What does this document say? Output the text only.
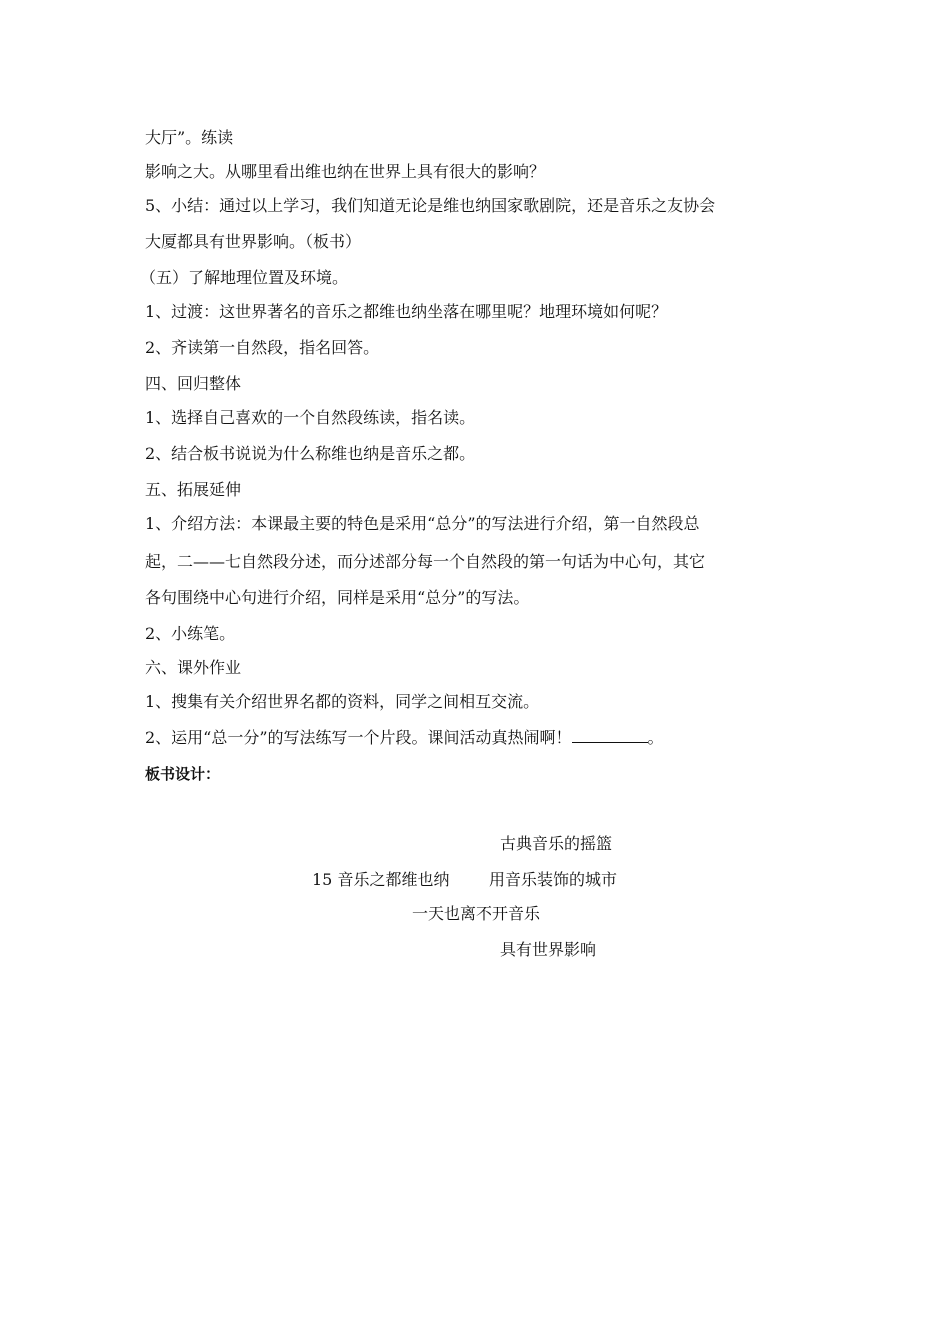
大厅”。练读
影响之大。从哪里看出维也纳在世界上具有很大的影响？
5、小结：通过以上学习，我们知道无论是维也纳国家歌剧院，还是音乐之友协会
大厦都具有世界影响。（板书）
（五）了解地理位置及环境。
1、过渡：这世界著名的音乐之都维也纳坐落在哪里呢？地理环境如何呢？
2、齐读第一自然段，指名回答。
四、回归整体
1、选择自己喜欢的一个自然段练读，指名读。
2、结合板书说说为什么称维也纳是音乐之都。
五、拓展延伸
1、介绍方法：本课最主要的特色是采用“总分”的写法进行介绍，第一自然段总
起，二——七自然段分述，而分述部分每一个自然段的第一句话为中心句，其它
各句围绕中心句进行介绍，同样是采用“总分”的写法。
2、小练笔。
六、课外作业
1、搜集有关介绍世界名都的资料，同学之间相互交流。
2、运用“总一分”的写法练写一个片段。课间活动真热闹啊！	。
板书设计：
古典音乐的摇篮
15 音乐之都维也纳 用音乐装饰的城市
一天也离不开音乐
具有世界影响
